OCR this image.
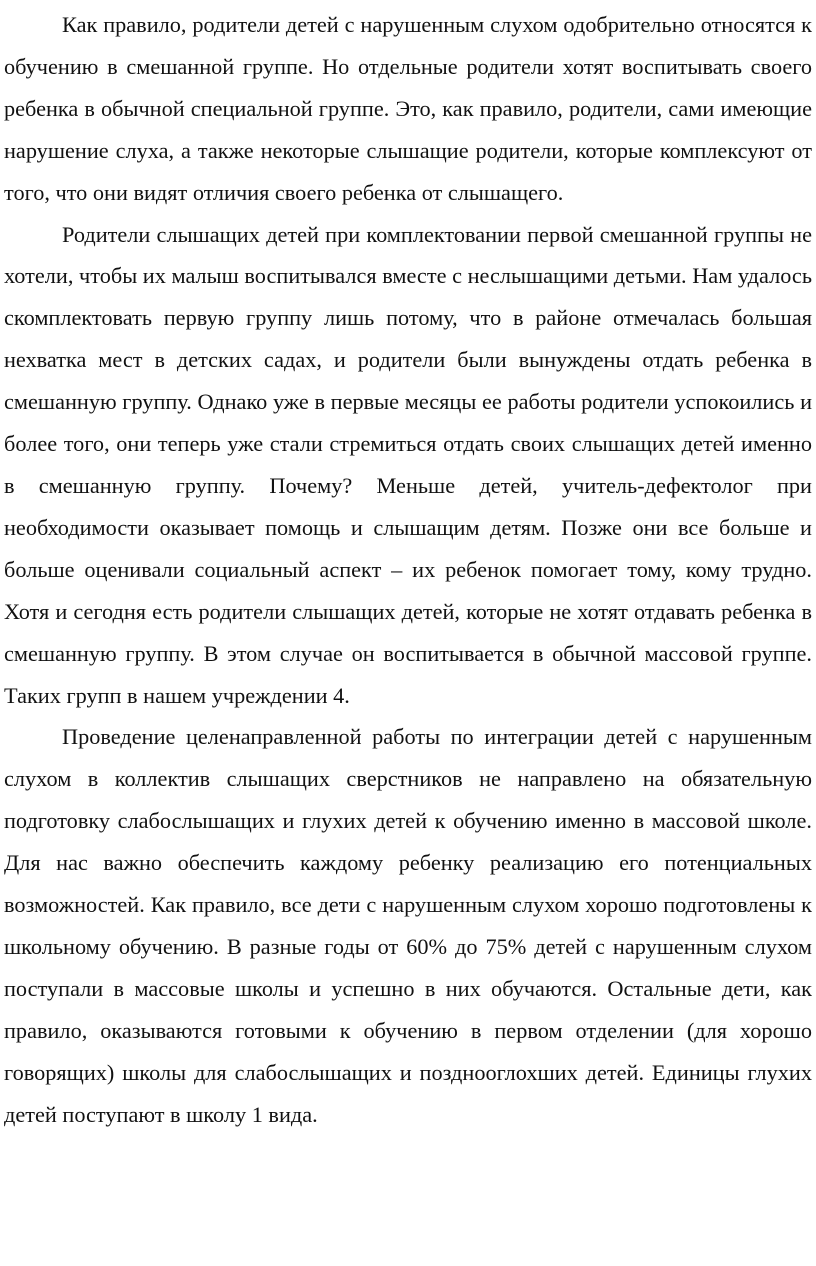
Как правило, родители детей с нарушенным слухом одобрительно относятся к обучению в смешанной группе. Но отдельные родители хотят воспитывать своего ребенка в обычной специальной группе. Это, как правило, родители, сами имеющие нарушение слуха, а также некоторые слышащие родители, которые комплексуют от того, что они видят отличия своего ребенка от слышащего.

Родители слышащих детей при комплектовании первой смешанной группы не хотели, чтобы их малыш воспитывался вместе с неслышащими детьми. Нам удалось скомплектовать первую группу лишь потому, что в районе отмечалась большая нехватка мест в детских садах, и родители были вынуждены отдать ребенка в смешанную группу. Однако уже в первые месяцы ее работы родители успокоились и более того, они теперь уже стали стремиться отдать своих слышащих детей именно в смешанную группу. Почему? Меньше детей, учитель-дефектолог при необходимости оказывает помощь и слышащим детям. Позже они все больше и больше оценивали социальный аспект – их ребенок помогает тому, кому трудно. Хотя и сегодня есть родители слышащих детей, которые не хотят отдавать ребенка в смешанную группу. В этом случае он воспитывается в обычной массовой группе. Таких групп в нашем учреждении 4.

Проведение целенаправленной работы по интеграции детей с нарушенным слухом в коллектив слышащих сверстников не направлено на обязательную подготовку слабослышащих и глухих детей к обучению именно в массовой школе. Для нас важно обеспечить каждому ребенку реализацию его потенциальных возможностей. Как правило, все дети с нарушенным слухом хорошо подготовлены к школьному обучению. В разные годы от 60% до 75% детей с нарушенным слухом поступали в массовые школы и успешно в них обучаются. Остальные дети, как правило, оказываются готовыми к обучению в первом отделении (для хорошо говорящих) школы для слабослышащих и позднооглохших детей. Единицы глухих детей поступают в школу 1 вида.
